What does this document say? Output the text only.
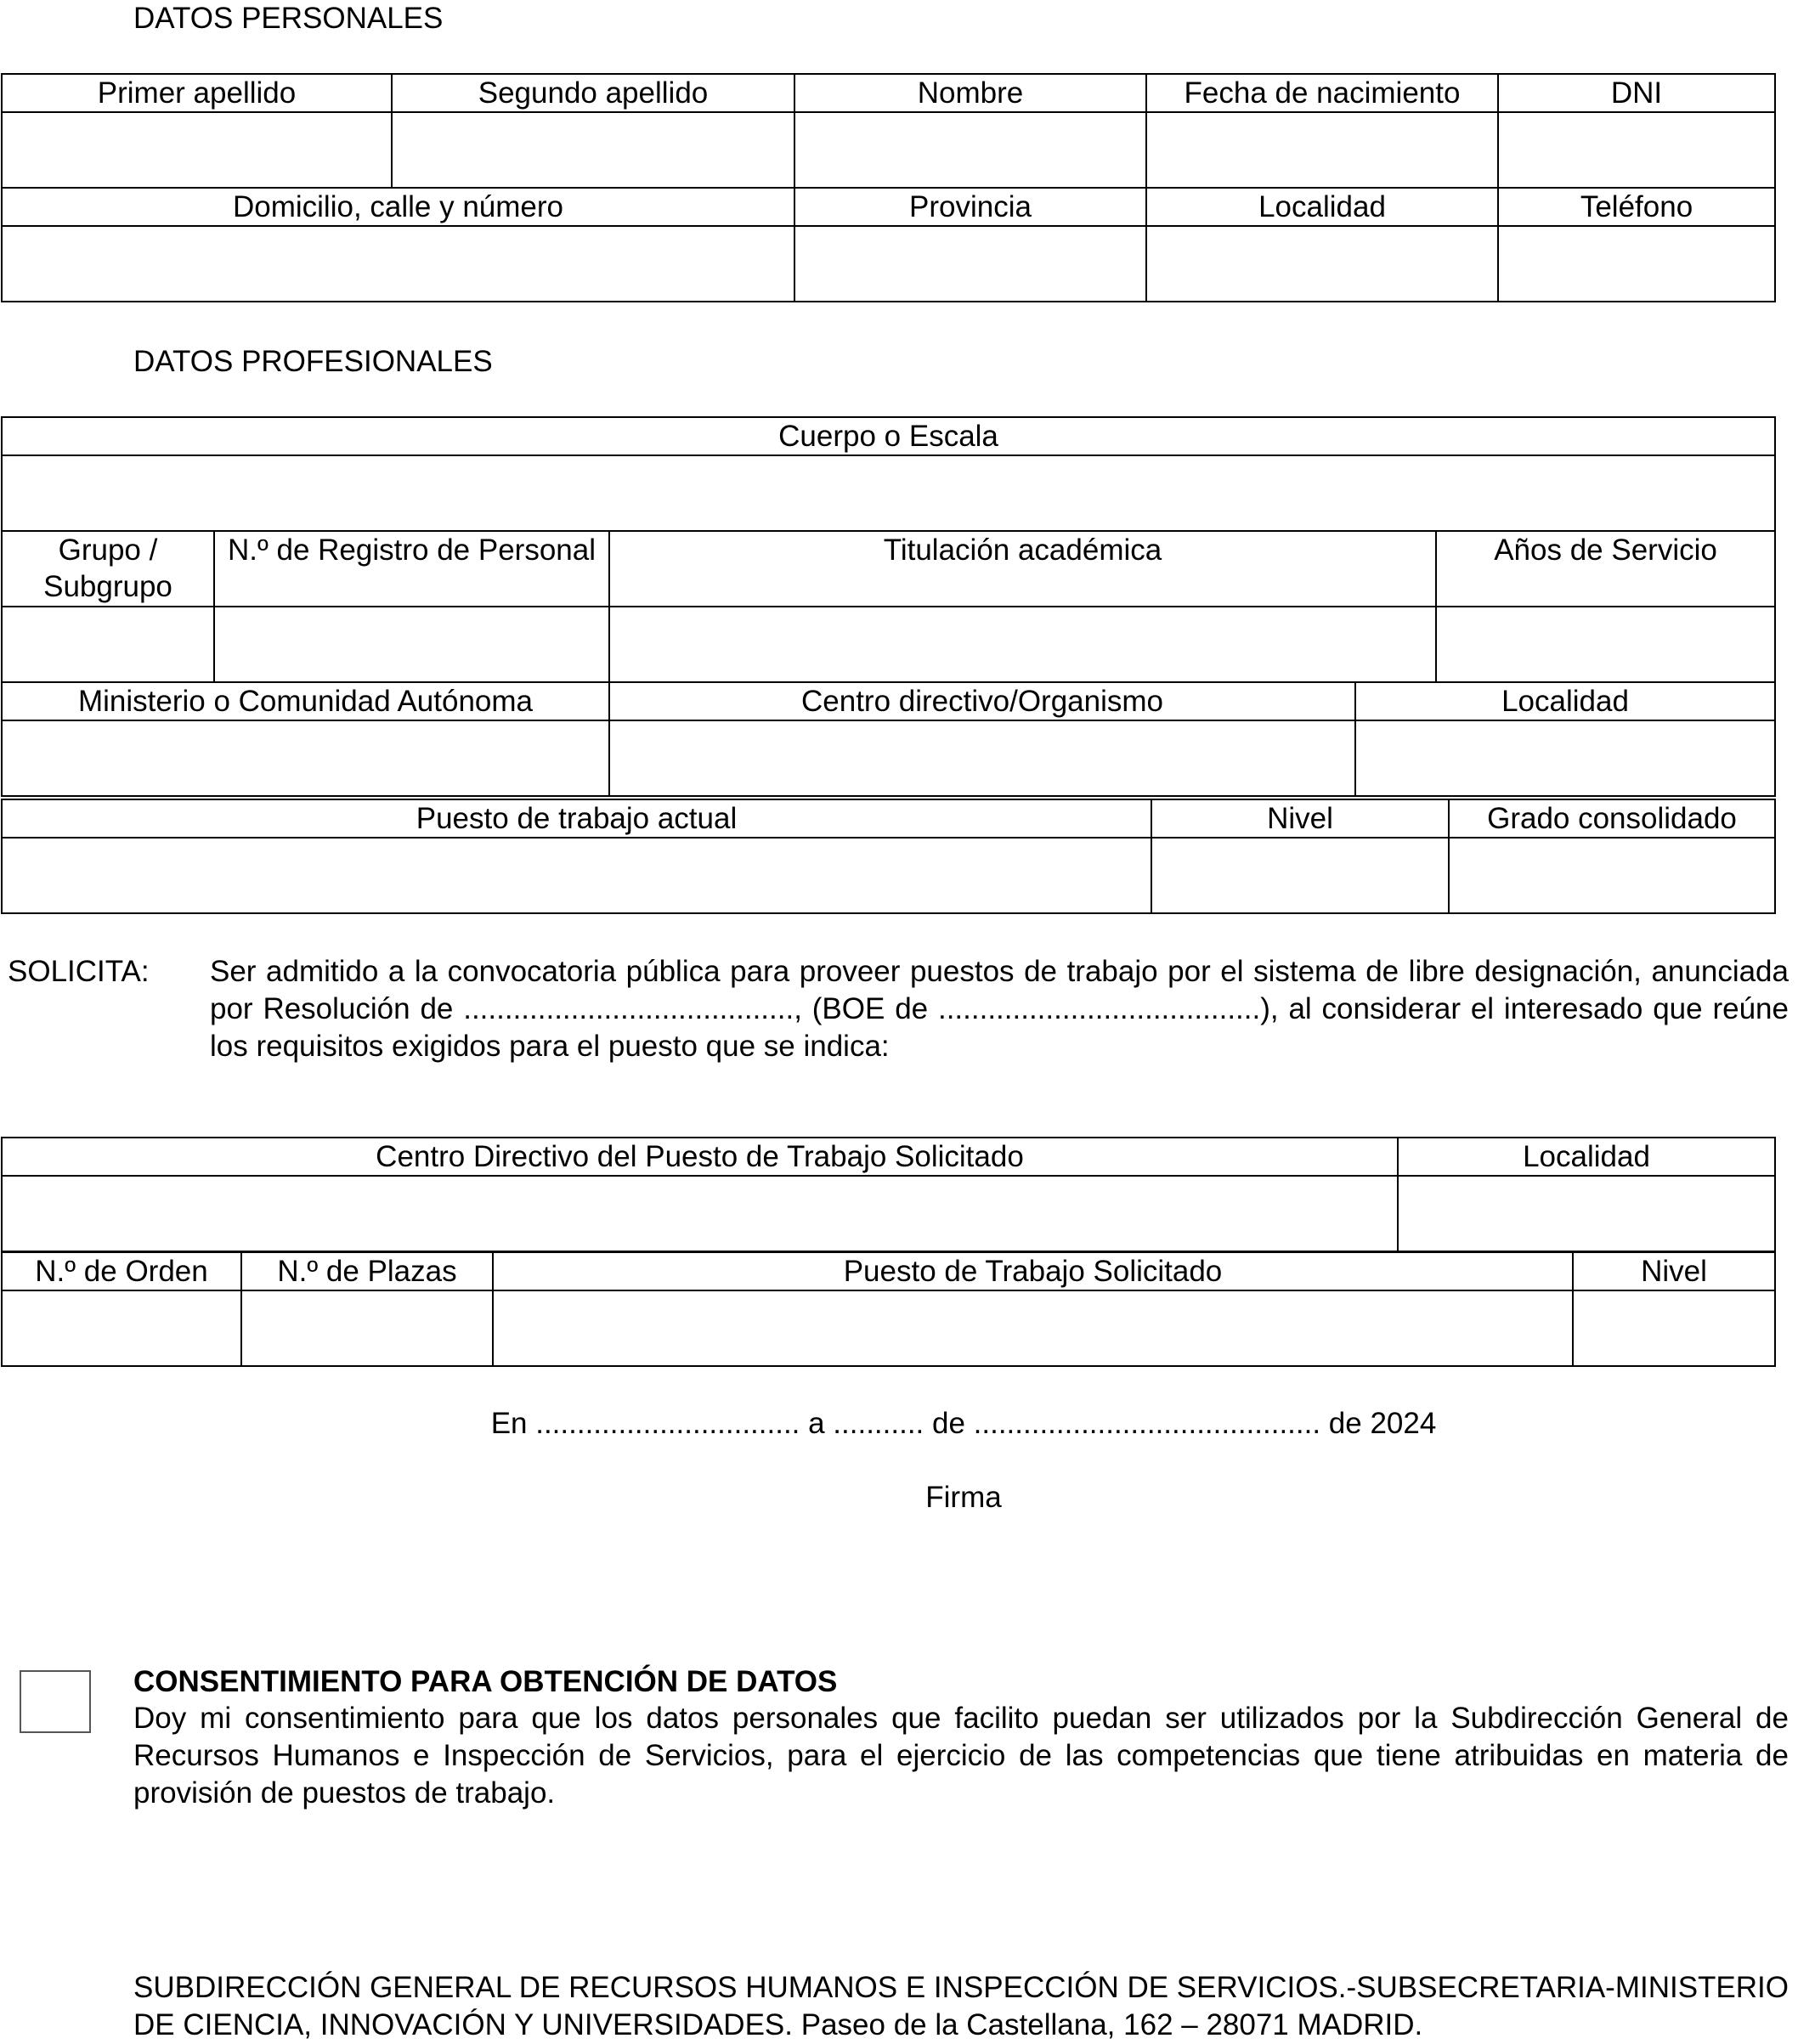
DATOS PERSONALES
Primer apellido	Segundo apellido	Nombre	Fecha de nacimiento	DNI

Domicilio, calle y número		Provincia	Localidad	Teléfono

DATOS PROFESIONALES
Cuerpo o Escala				

Grupo / Subgrupo	N.º de Registro de Personal	Titulación académica		Años de Servicio

Ministerio o Comunidad Autónoma		Centro directivo/Organismo	Localidad	

Puesto de trabajo actual	Nivel	Grado consolidado

SOLICITA: Ser admitido a la convocatoria pública para proveer puestos de trabajo por el sistema de libre designación, anunciada por Resolución de ........................................, (BOE de .......................................), al considerar el interesado que reúne los requisitos exigidos para el puesto que se indica:
Centro Directivo del Puesto de Trabajo Solicitado	Localidad

N.º de Orden	N.º de Plazas	Puesto de Trabajo Solicitado	Nivel

En ................................ a ........... de .......................................... de 2024
Firma
CONSENTIMIENTO PARA OBTENCIÓN DE DATOS
Doy mi consentimiento para que los datos personales que facilito puedan ser utilizados por la Subdirección General de Recursos Humanos e Inspección de Servicios, para el ejercicio de las competencias que tiene atribuidas en materia de provisión de puestos de trabajo.
SUBDIRECCIÓN GENERAL DE RECURSOS HUMANOS E INSPECCIÓN DE SERVICIOS.-SUBSECRETARIA-MINISTERIO DE CIENCIA, INNOVACIÓN Y UNIVERSIDADES. Paseo de la Castellana, 162 – 28071 MADRID.
